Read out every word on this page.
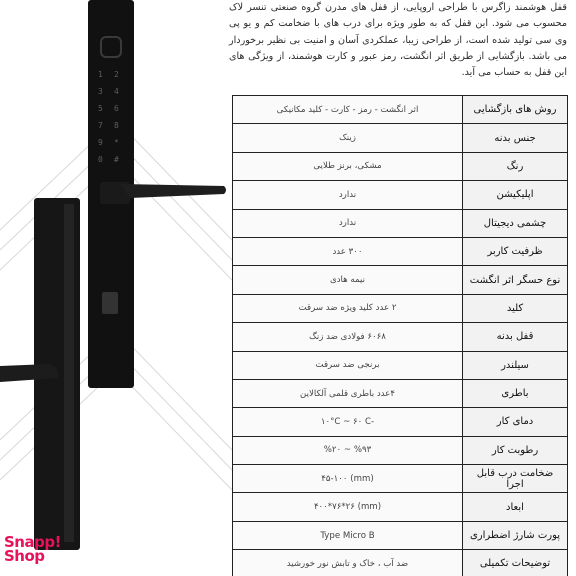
1 2
3 4
5 6
7 8
9 *
0 #
قفل هوشمند زاگرس با طراحی اروپایی، از قفل های مدرن گروه صنعتی تنسر لاک محسوب می شود. این قفل که به طور ویژه برای درب های با ضخامت کم و یو پی وی سی تولید شده است، از طراحی زیبا، عملکردی آسان و امنیت بی نظیر برخوردار می باشد. بازگشایی از طریق اثر انگشت، رمز عبور و کارت هوشمند، از ویژگی های این قفل به حساب می آید.
روش های بازگشایی	اثر انگشت - رمز - کارت - کلید مکانیکی
جنس بدنه	زینک
رنگ	مشکی، برنز طلایی
اپلیکیشن	ندارد
چشمی دیجیتال	ندارد
ظرفیت کاربر	۳۰۰ عدد
نوع حسگر اثر انگشت	نیمه هادی
کلید	۲ عدد کلید ویژه ضد سرقت
قفل بدنه	۶۰۶۸ فولادی ضد زنگ
سیلندر	برنجی ضد سرقت
باطری	۴عدد باطری قلمی آلکالاین
دمای کار	-۱۰°C ~ ۶۰ C
رطوبت کار	%۹۳ ~ %۲۰
ضخامت درب قابل اجرا	(mm) ۴۵-۱۰۰
ابعاد	(mm) ۴۰۰*۷۶*۲۶
پورت شارژ اضطراری	Type Micro B
توضیحات تکمیلی	ضد آب ، خاک و تابش نور خورشید
Snapp!
Shop
